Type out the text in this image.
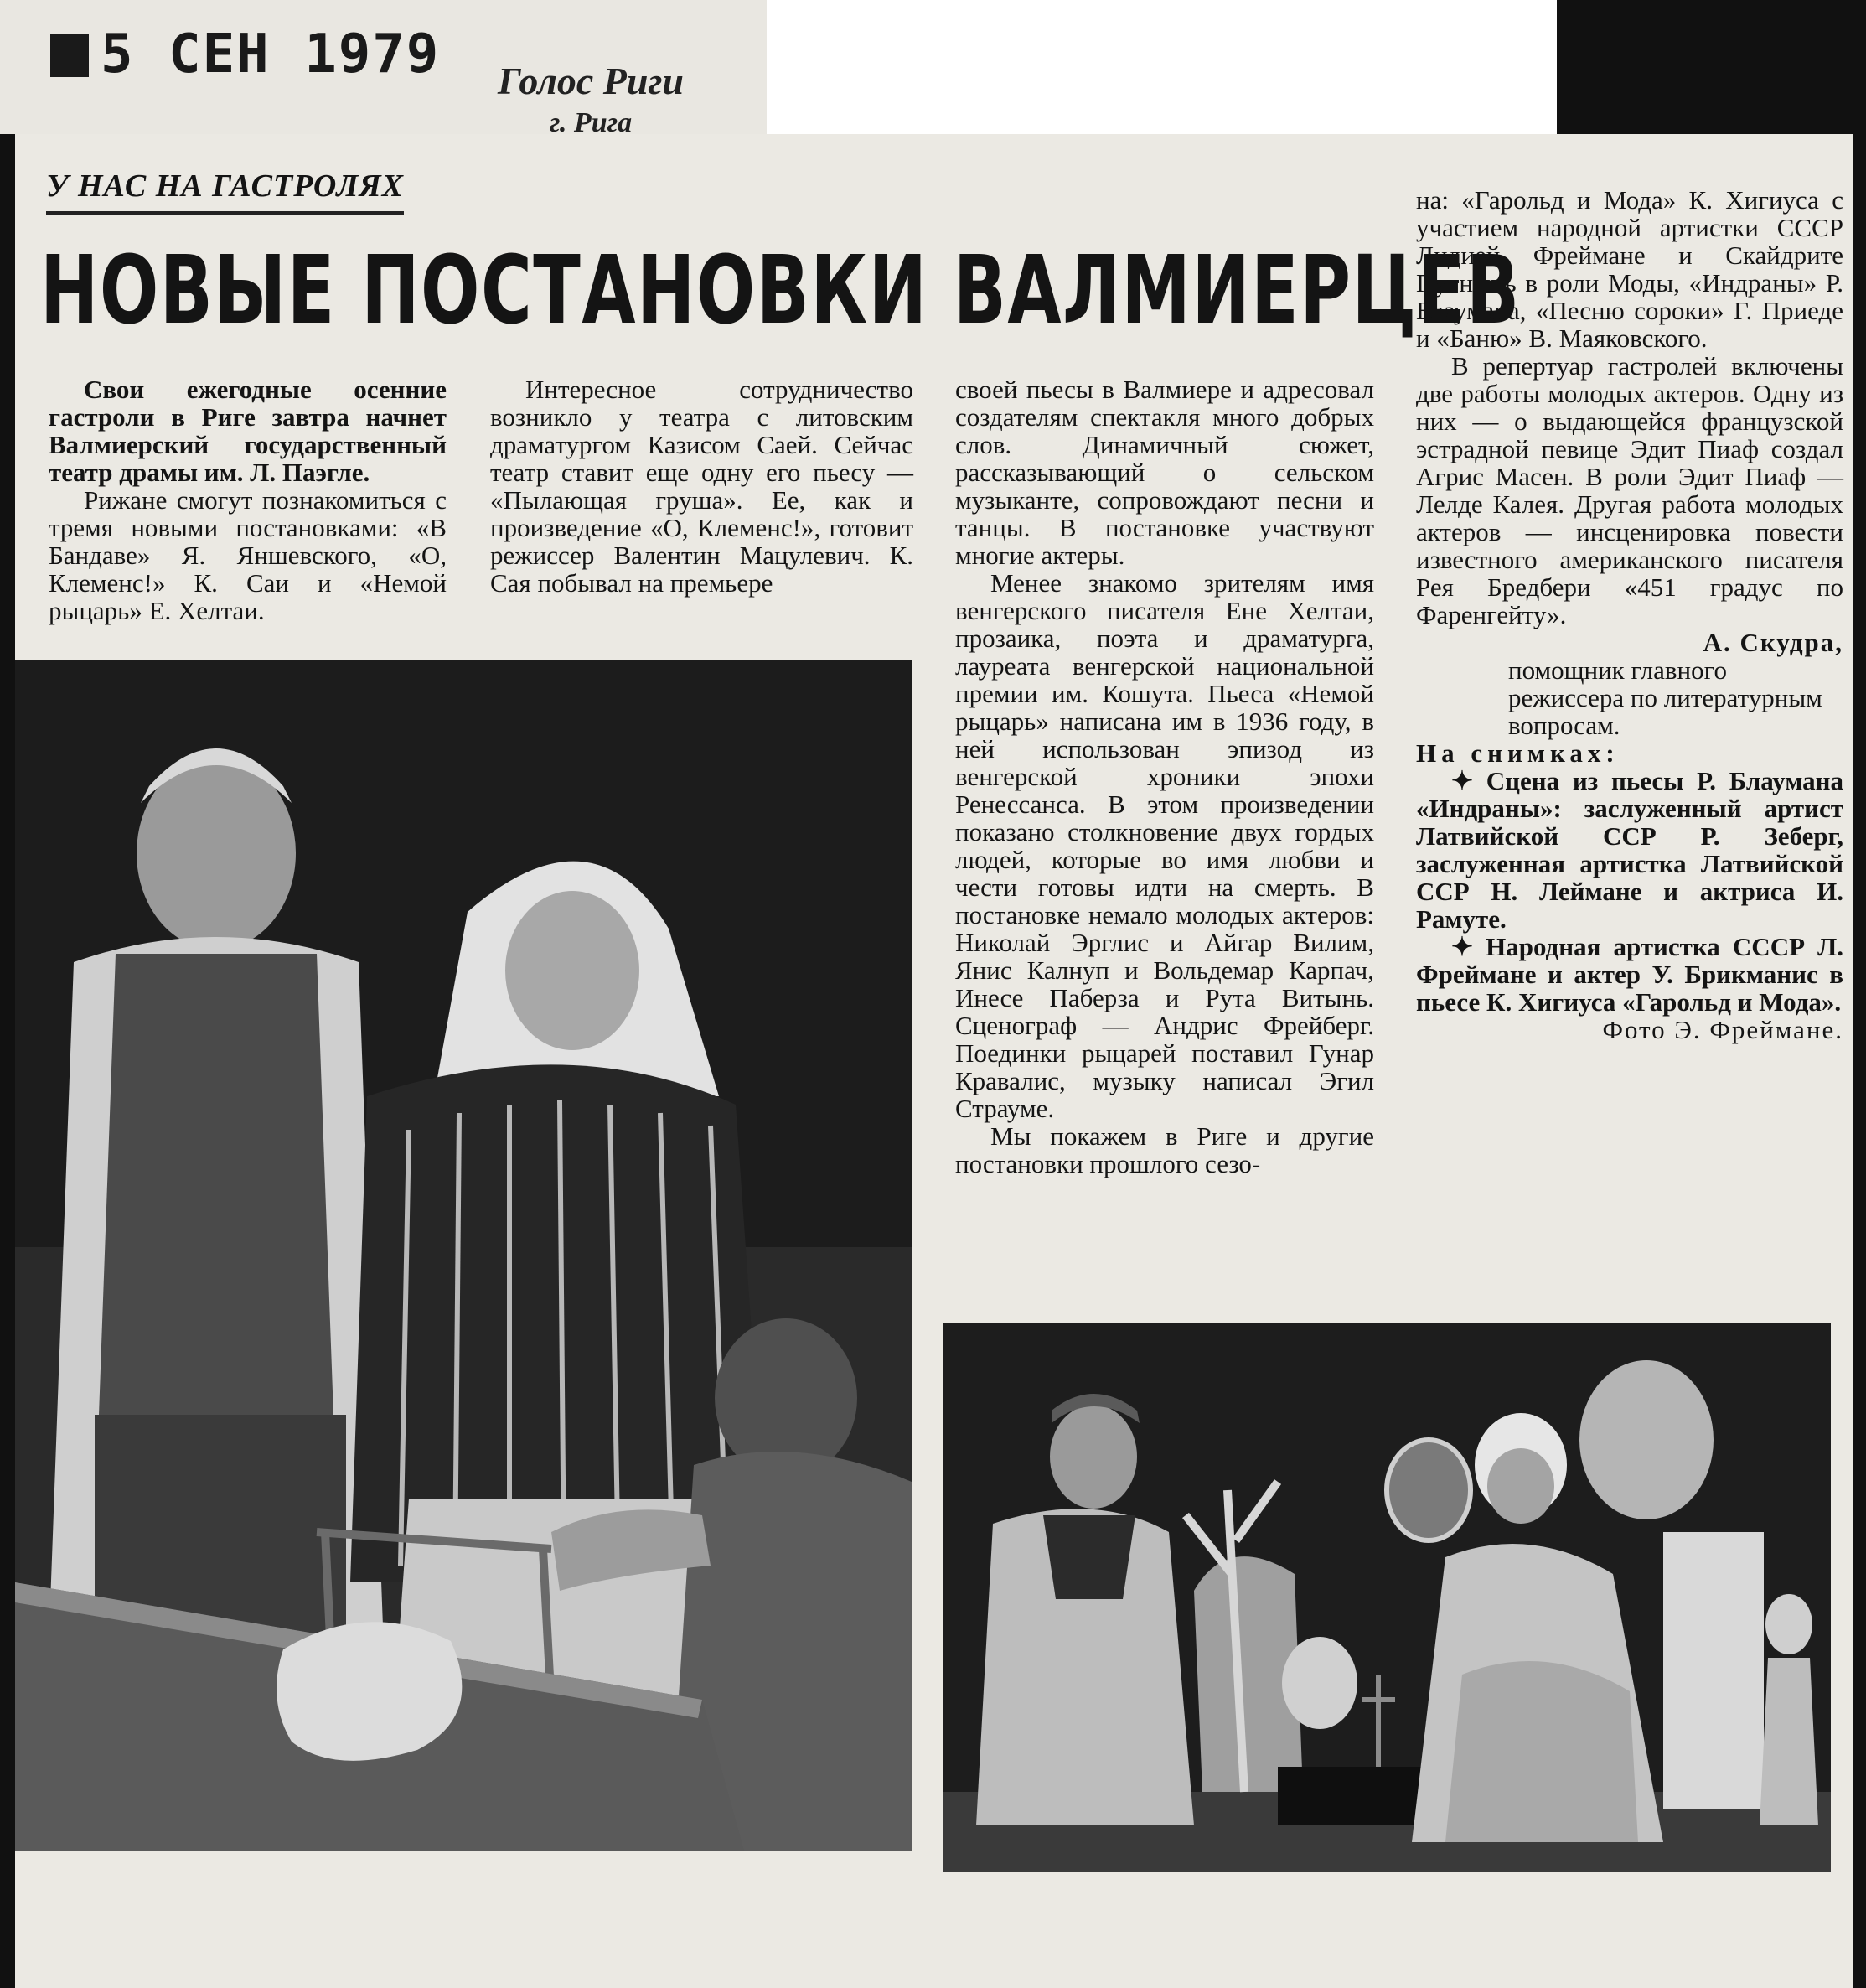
5 СЕН 1979	Голос Риги
г. Рига
У НАС НА ГАСТРОЛЯХ
НОВЫЕ ПОСТАНОВКИ ВАЛМИЕРЦЕВ

Свои ежегодные осенние гастроли в Риге завтра начнет Валмиерский государственный театр драмы им. Л. Паэгле.

Рижане смогут познакомиться с тремя новыми постановками: «В Бандаве» Я. Яншевского, «О, Клеменс!» К. Саи и «Немой рыцарь» Е. Хелтаи.

Интересное сотрудничество возникло у театра с литовским драматургом Казисом Саей. Сейчас театр ставит еще одну его пьесу — «Пылающая груша». Ее, как и произведение «О, Клеменс!», готовит режиссер Валентин Мацулевич. К. Сая побывал на премьере

своей пьесы в Валмиере и адресовал создателям спектакля много добрых слов. Динамичный сюжет, рассказывающий о сельском музыканте, сопровождают песни и танцы. В постановке участвуют многие актеры.

Менее знакомо зрителям имя венгерского писателя Ене Хелтаи, прозаика, поэта и драматурга, лауреата венгерской национальной премии им. Кошута. Пьеса «Немой рыцарь» написана им в 1936 году, в ней использован эпизод из венгерской хроники эпохи Ренессанса. В этом произведении показано столкновение двух гордых людей, которые во имя любви и чести готовы идти на смерть. В постановке немало молодых актеров: Николай Эрглис и Айгар Вилим, Янис Калнуп и Вольдемар Карпач, Инесе Паберза и Рута Витынь. Сценограф — Андрис Фрейберг. Поединки рыцарей поставил Гунар Кравалис, музыку написал Эгил Страуме.

Мы покажем в Риге и другие постановки прошлого сезо-

на: «Гарольд и Мода» К. Хигиуса с участием народной артистки СССР Лидией Фреймане и Скайдрите Путнынь в роли Моды, «Индраны» Р. Блаумана, «Песню сороки» Г. Приеде и «Баню» В. Маяковского.

В репертуар гастролей включены две работы молодых актеров. Одну из них — о выдающейся французской эстрадной певице Эдит Пиаф создал Агрис Масен. В роли Эдит Пиаф — Лелде Калея. Другая работа молодых актеров — инсценировка повести известного американского писателя Рея Бредбери «451 градус по Фаренгейту».

А. Скудра,

помощник главного режиссера по литературным вопросам.

На снимках:

✦ Сцена из пьесы Р. Блаумана «Индраны»: заслуженный артист Латвийской ССР Р. Зеберг, заслуженная артистка Латвийской ССР Н. Леймане и актриса И. Рамуте.

✦ Народная артистка СССР Л. Фреймане и актер У. Брикманис в пьесе К. Хигиуса «Гарольд и Мода».

Фото Э. Фреймане.
